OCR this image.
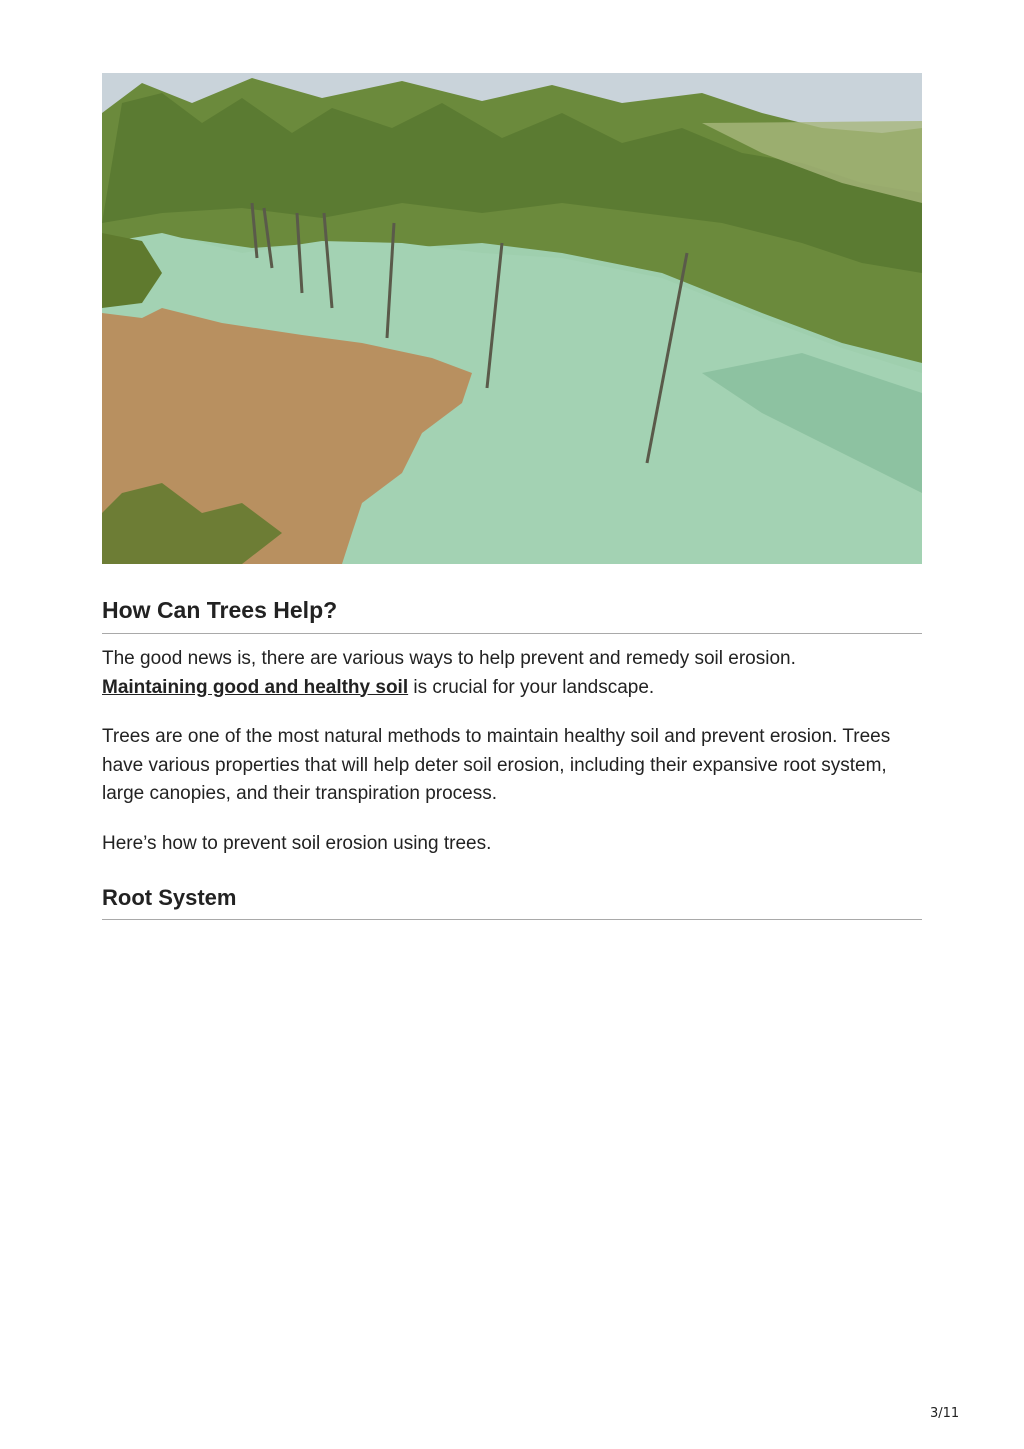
How Can Trees Help?

The good news is, there are various ways to help prevent and remedy soil erosion.
Maintaining good and healthy soil is crucial for your landscape.

Trees are one of the most natural methods to maintain healthy soil and prevent erosion. Trees have various properties that will help deter soil erosion, including their expansive root system, large canopies, and their transpiration process.

Here’s how to prevent soil erosion using trees.

Root System
3/11
